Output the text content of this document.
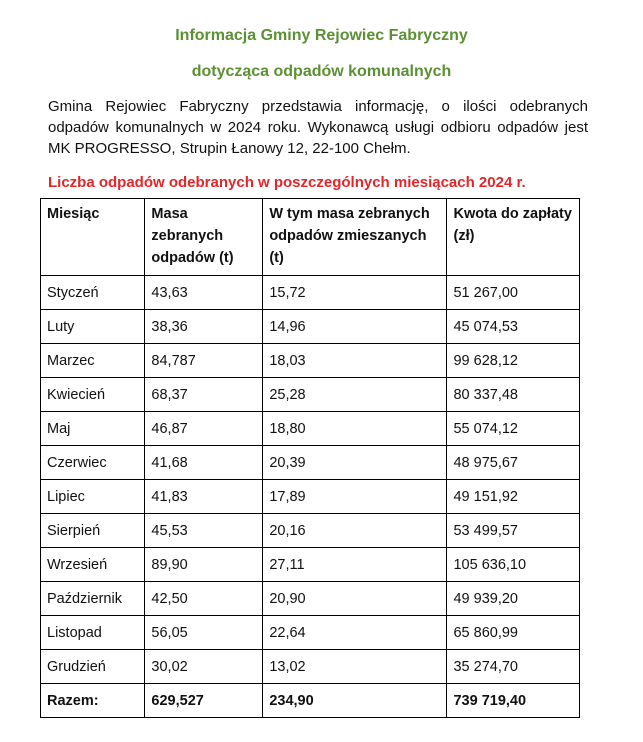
Informacja Gminy Rejowiec Fabryczny
dotycząca odpadów komunalnych
Gmina Rejowiec Fabryczny przedstawia informację, o ilości odebranych odpadów komunalnych w 2024 roku. Wykonawcą usługi odbioru odpadów jest MK PROGRESSO, Strupin Łanowy 12, 22-100 Chełm.
Liczba odpadów odebranych w poszczególnych miesiącach 2024 r.
Miesiąc	Masa zebranych odpadów (t)	W tym masa zebranych odpadów zmieszanych (t)	Kwota do zapłaty (zł)
Styczeń	43,63	15,72	51 267,00
Luty	38,36	14,96	45 074,53
Marzec	84,787	18,03	99 628,12
Kwiecień	68,37	25,28	80 337,48
Maj	46,87	18,80	55 074,12
Czerwiec	41,68	20,39	48 975,67
Lipiec	41,83	17,89	49 151,92
Sierpień	45,53	20,16	53 499,57
Wrzesień	89,90	27,11	105 636,10
Październik	42,50	20,90	49 939,20
Listopad	56,05	22,64	65 860,99
Grudzień	30,02	13,02	35 274,70
Razem:	629,527	234,90	739 719,40
